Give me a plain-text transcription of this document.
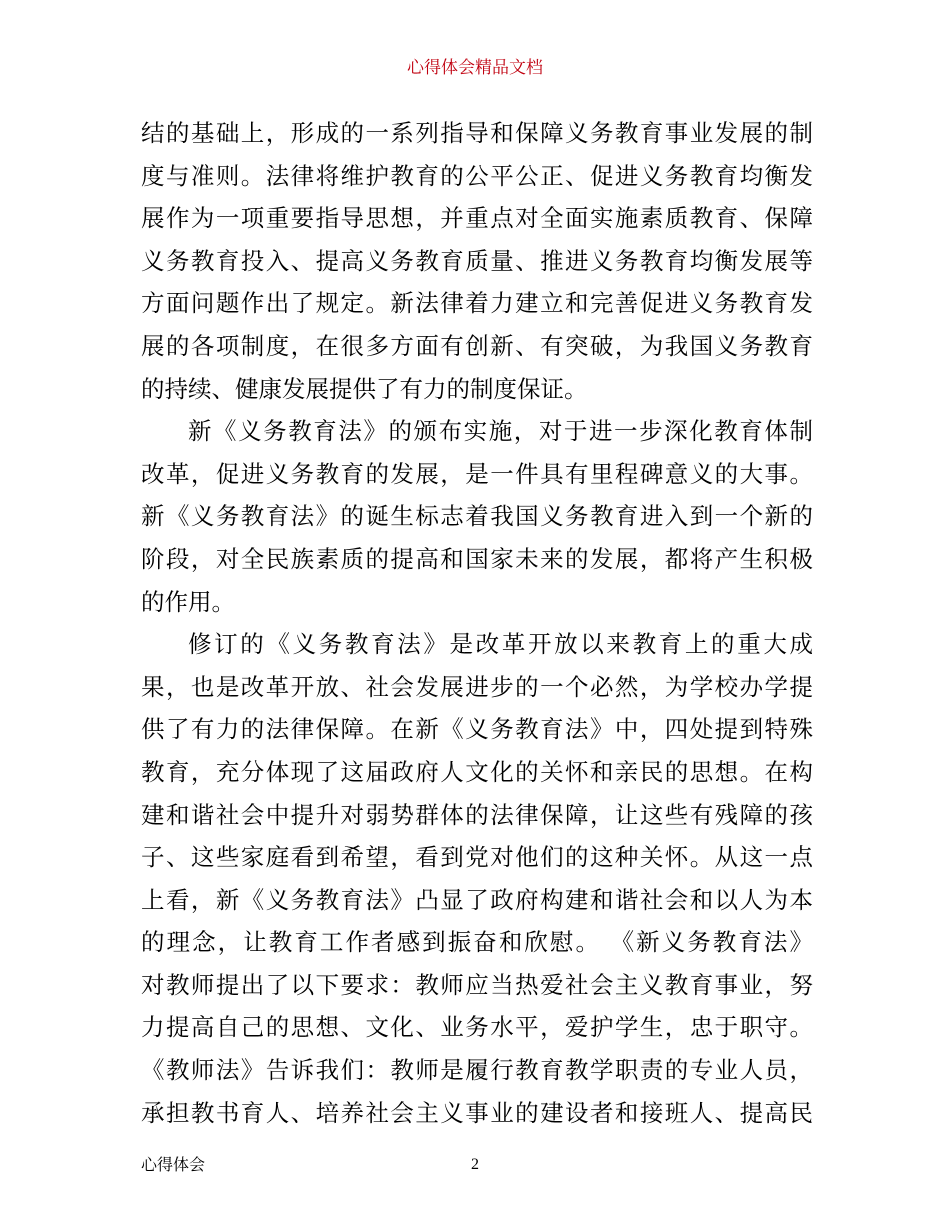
心得体会精品文档
结的基础上，形成的一系列指导和保障义务教育事业发展的制
度与准则。法律将维护教育的公平公正、促进义务教育均衡发
展作为一项重要指导思想，并重点对全面实施素质教育、保障
义务教育投入、提高义务教育质量、推进义务教育均衡发展等
方面问题作出了规定。新法律着力建立和完善促进义务教育发
展的各项制度，在很多方面有创新、有突破，为我国义务教育
的持续、健康发展提供了有力的制度保证。
新《义务教育法》的颁布实施，对于进一步深化教育体制
改革，促进义务教育的发展，是一件具有里程碑意义的大事。
新《义务教育法》的诞生标志着我国义务教育进入到一个新的
阶段，对全民族素质的提高和国家未来的发展，都将产生积极
的作用。
修订的《义务教育法》是改革开放以来教育上的重大成
果，也是改革开放、社会发展进步的一个必然，为学校办学提
供了有力的法律保障。在新《义务教育法》中，四处提到特殊
教育，充分体现了这届政府人文化的关怀和亲民的思想。在构
建和谐社会中提升对弱势群体的法律保障，让这些有残障的孩
子、这些家庭看到希望，看到党对他们的这种关怀。从这一点
上看，新《义务教育法》凸显了政府构建和谐社会和以人为本
的理念，让教育工作者感到振奋和欣慰。 《新义务教育法》
对教师提出了以下要求：教师应当热爱社会主义教育事业，努
力提高自己的思想、文化、业务水平，爱护学生，忠于职守。
《教师法》告诉我们：教师是履行教育教学职责的专业人员，
承担教书育人、培养社会主义事业的建设者和接班人、提高民
心得体会	2
